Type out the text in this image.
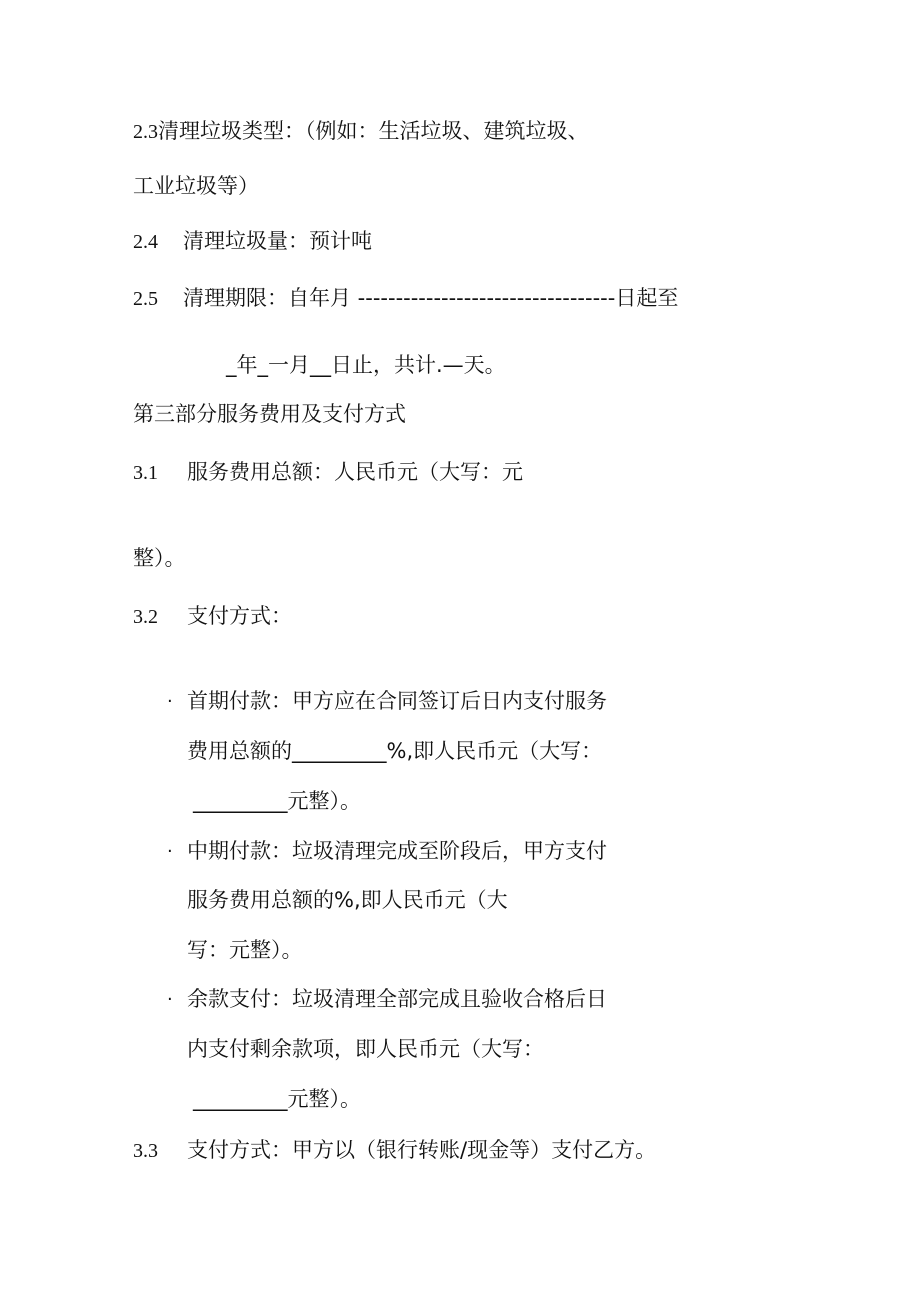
2.3清理垃圾类型：（例如：生活垃圾、建筑垃圾、
工业垃圾等）
2.4 清理垃圾量：预计吨
2.5 清理期限：自年月 ----------------------------------日起至
_年_一月__日止，共计.—天。
第三部分服务费用及支付方式
3.1 服务费用总额：人民币元（大写：元
整）。
3.2 支付方式：
· 首期付款：甲方应在合同签订后日内支付服务
费用总额的_________%,即人民币元（大写：
_________元整）。
· 中期付款：垃圾清理完成至阶段后，甲方支付
服务费用总额的%,即人民币元（大
写：元整）。
· 余款支付：垃圾清理全部完成且验收合格后日
内支付剩余款项，即人民币元（大写：
_________元整）。
3.3 支付方式：甲方以（银行转账/现金等）支付乙方。
